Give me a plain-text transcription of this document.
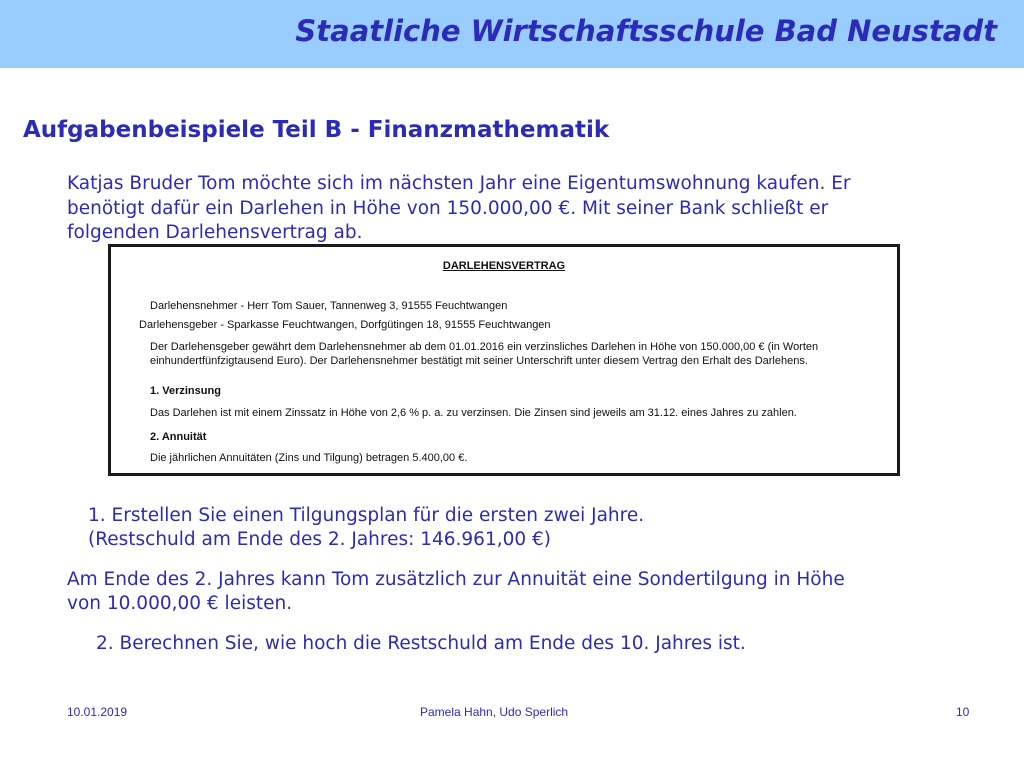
Staatliche Wirtschaftsschule Bad Neustadt
Aufgabenbeispiele Teil B - Finanzmathematik
Katjas Bruder Tom möchte sich im nächsten Jahr eine Eigentumswohnung kaufen. Er
benötigt dafür ein Darlehen in Höhe von 150.000,00 €. Mit seiner Bank schließt er
folgenden Darlehensvertrag ab.
DARLEHENSVERTRAG
Darlehensnehmer - Herr Tom Sauer, Tannenweg 3, 91555 Feuchtwangen
Darlehensgeber - Sparkasse Feuchtwangen, Dorfgütingen 18, 91555 Feuchtwangen
Der Darlehensgeber gewährt dem Darlehensnehmer ab dem 01.01.2016 ein verzinsliches Darlehen in Höhe von 150.000,00 € (in Worten
einhundertfünfzigtausend Euro). Der Darlehensnehmer bestätigt mit seiner Unterschrift unter diesem Vertrag den Erhalt des Darlehens.
1. Verzinsung
Das Darlehen ist mit einem Zinssatz in Höhe von 2,6 % p. a. zu verzinsen. Die Zinsen sind jeweils am 31.12. eines Jahres zu zahlen.
2. Annuität
Die jährlichen Annuitäten (Zins und Tilgung) betragen 5.400,00 €.
1. Erstellen Sie einen Tilgungsplan für die ersten zwei Jahre.
(Restschuld am Ende des 2. Jahres: 146.961,00 €)
Am Ende des 2. Jahres kann Tom zusätzlich zur Annuität eine Sondertilgung in Höhe
von 10.000,00 € leisten.
2. Berechnen Sie, wie hoch die Restschuld am Ende des 10. Jahres ist.
10.01.2019	Pamela Hahn, Udo Sperlich	10
